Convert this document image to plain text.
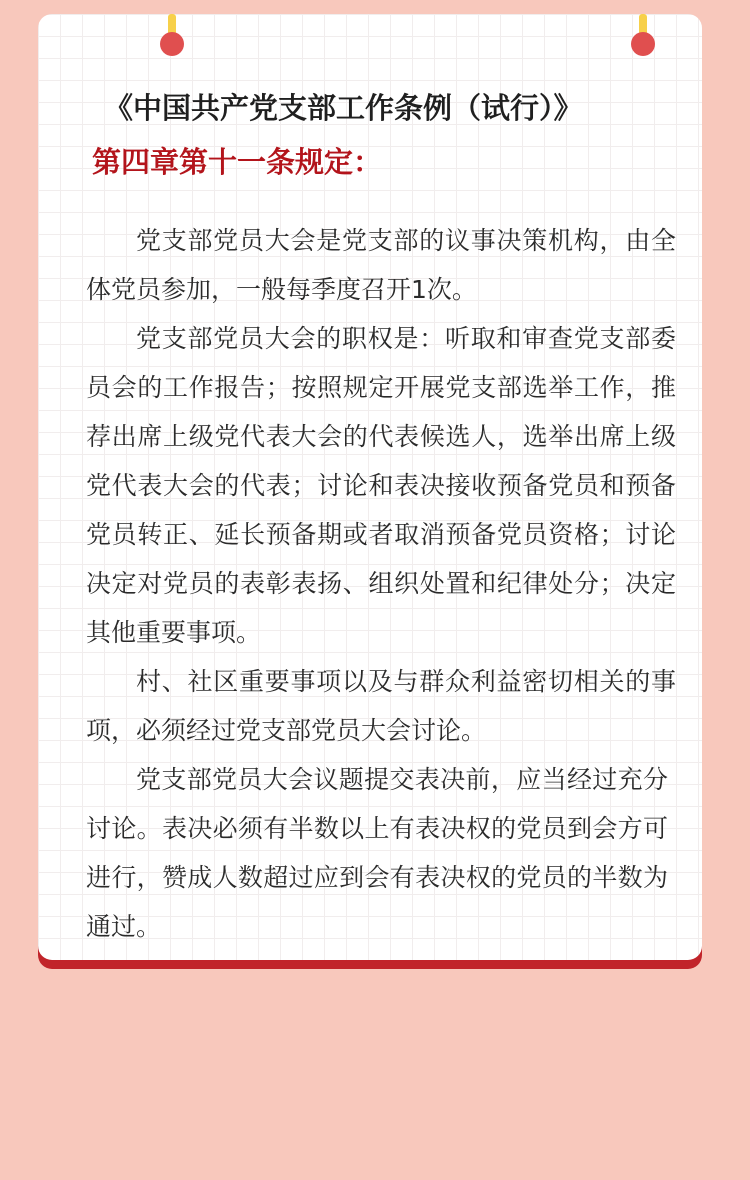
《中国共产党支部工作条例（试行）》
第四章第十一条规定：

党支部党员大会是党支部的议事决策机构，由全体党员参加，一般每季度召开1次。

党支部党员大会的职权是：听取和审查党支部委员会的工作报告；按照规定开展党支部选举工作，推荐出席上级党代表大会的代表候选人，选举出席上级党代表大会的代表；讨论和表决接收预备党员和预备党员转正、延长预备期或者取消预备党员资格；讨论决定对党员的表彰表扬、组织处置和纪律处分；决定其他重要事项。

村、社区重要事项以及与群众利益密切相关的事项，必须经过党支部党员大会讨论。

党支部党员大会议题提交表决前，应当经过充分讨论。表决必须有半数以上有表决权的党员到会方可进行，赞成人数超过应到会有表决权的党员的半数为通过。
